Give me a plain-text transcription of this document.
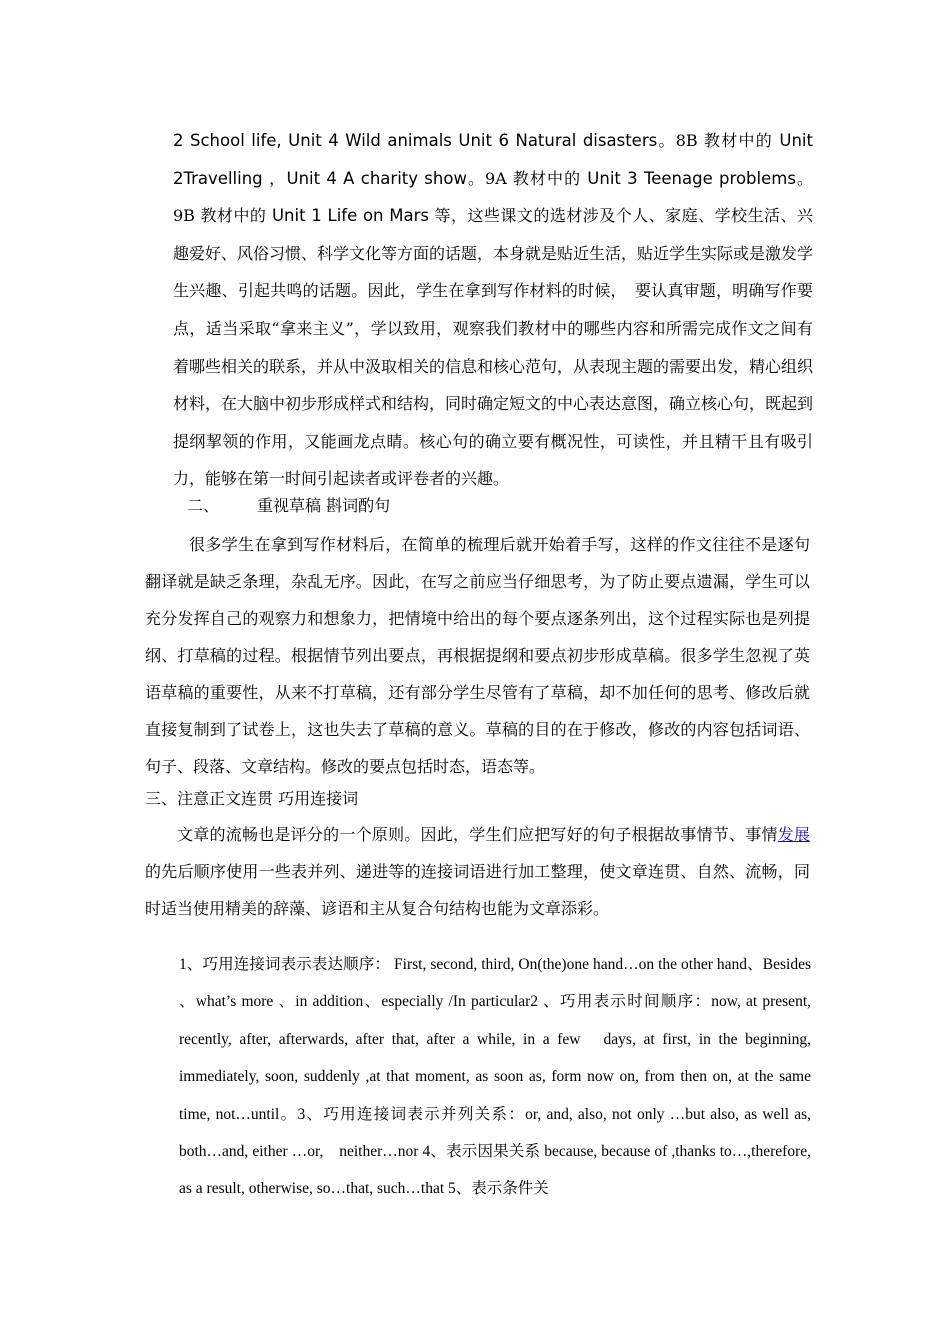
2 School life, Unit 4 Wild animals Unit 6 Natural disasters。8B 教材中的 Unit 2Travelling ，Unit 4 A charity show。9A 教材中的 Unit 3 Teenage problems。9B 教材中的 Unit 1 Life on Mars 等，这些课文的选材涉及个人、家庭、学校生活、兴趣爱好、风俗习惯、科学文化等方面的话题，本身就是贴近生活，贴近学生实际或是激发学生兴趣、引起共鸣的话题。因此，学生在拿到写作材料的时候，　要认真审题，明确写作要点，适当采取“拿来主义”，学以致用，观察我们教材中的哪些内容和所需完成作文之间有着哪些相关的联系，并从中汲取相关的信息和核心范句，从表现主题的需要出发，精心组织材料，在大脑中初步形成样式和结构，同时确定短文的中心表达意图，确立核心句，既起到提纲挈领的作用，又能画龙点睛。核心句的确立要有概况性，可读性，并且精干且有吸引力，能够在第一时间引起读者或评卷者的兴趣。

二、 重视草稿 斟词酌句

很多学生在拿到写作材料后，在简单的梳理后就开始着手写，这样的作文往往不是逐句翻译就是缺乏条理，杂乱无序。因此，在写之前应当仔细思考，为了防止要点遗漏，学生可以充分发挥自己的观察力和想象力，把情境中给出的每个要点逐条列出，这个过程实际也是列提纲、打草稿的过程。根据情节列出要点，再根据提纲和要点初步形成草稿。很多学生忽视了英语草稿的重要性，从来不打草稿，还有部分学生尽管有了草稿，却不加任何的思考、修改后就直接复制到了试卷上，这也失去了草稿的意义。草稿的目的在于修改，修改的内容包括词语、句子、段落、文章结构。修改的要点包括时态，语态等。

三、注意正文连贯 巧用连接词

文章的流畅也是评分的一个原则。因此，学生们应把写好的句子根据故事情节、事情发展的先后顺序使用一些表并列、递进等的连接词语进行加工整理，使文章连贯、自然、流畅，同时适当使用精美的辞藻、谚语和主从复合句结构也能为文章添彩。

1、巧用连接词表示表达顺序： First, second, third, On(the)one hand…on the other hand、Besides 、what’s more 、in addition、especially /In particular2 、巧用表示时间顺序：now, at present, recently, after, afterwards, after that, after a while, in a few　days, at first, in the beginning, immediately, soon, suddenly ,at that moment, as soon as, form now on, from then on, at the same time, not…until。3、巧用连接词表示并列关系：or, and, also, not only …but also, as well as, both…and, either …or,　neither…nor 4、表示因果关系 because, because of ,thanks to…,therefore, as a result, otherwise, so…that, such…that 5、表示条件关
